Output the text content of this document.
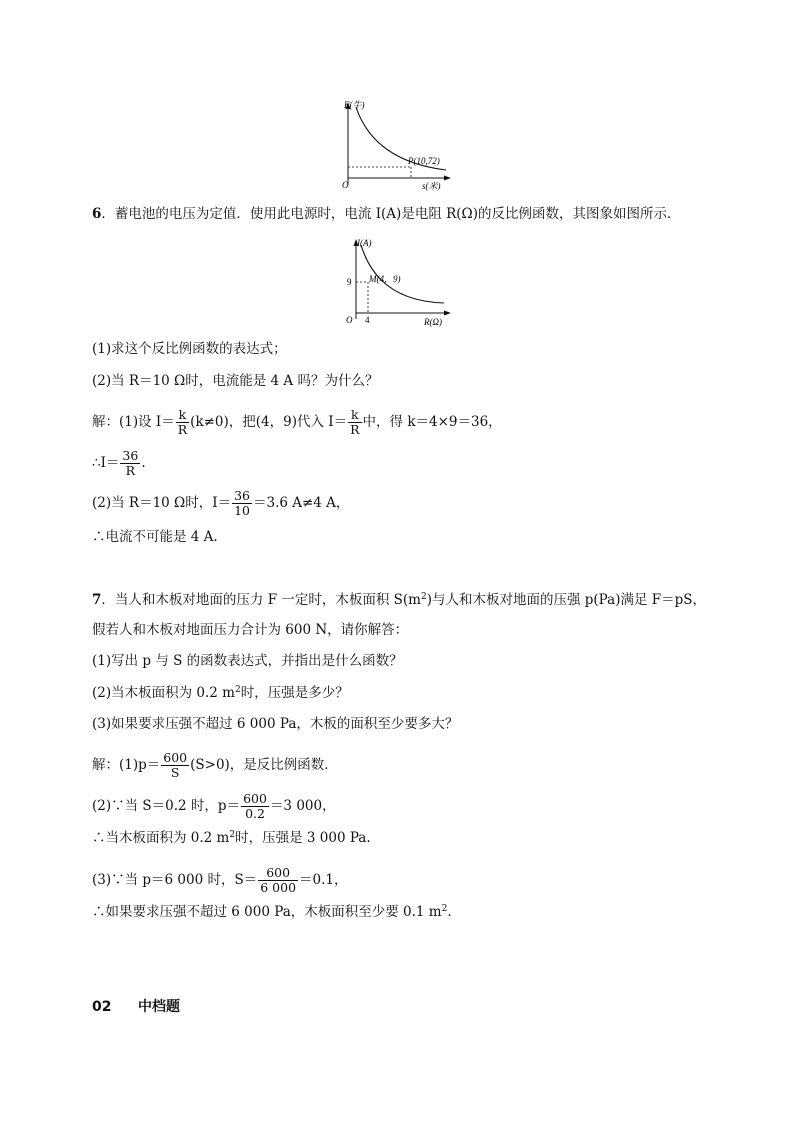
F(牛)
P(10,72)
O	s(米)
6．蓄电池的电压为定值．使用此电源时，电流 I(A)是电阻 R(Ω)的反比例函数，其图象如图所示．
I(A)
9 M(4，9)
O 4	R(Ω)
(1)求这个反比例函数的表达式；
(2)当 R＝10 Ω时，电流能是 4 A 吗？为什么？
解：(1)设 $I= \frac{k}{R} (k\ne 0)$，把(4，9)代入 $I= \frac{k}{R}$ 中，得 k＝4×9＝36，
∴I＝ $\frac{36}{R}$ .
(2)当 R＝10 Ω时，$I= \frac{36}{10} =3.6$ A≠4 A，
∴电流不可能是 4 A.
7．当人和木板对地面的压力 F 一定时，木板面积 $S(m^2)$与人和木板对地面的压强 p(Pa)满足 F＝pS，
假若人和木板对地面压力合计为 600 N，请你解答：
(1)写出 p 与 S 的函数表达式，并指出是什么函数？
(2)当木板面积为 0.2 $m^2$时，压强是多少？
(3)如果要求压强不超过 6 000 Pa，木板的面积至少要多大？
解：$(1)p= \frac{600}{S} (S>0)$，是反比例函数．
(2)∵当 S＝0.2 时，$p= \frac{600}{0.2} =3$ 000，
∴当木板面积为 0.2 $m^2$时，压强是 3 000 Pa.
(3)∵当 p＝6 000 时，$S= \frac{600}{6 000} =0.1$，
∴如果要求压强不超过 6 000 Pa，木板面积至少要 0.1 $m^2$.
02 中档题
